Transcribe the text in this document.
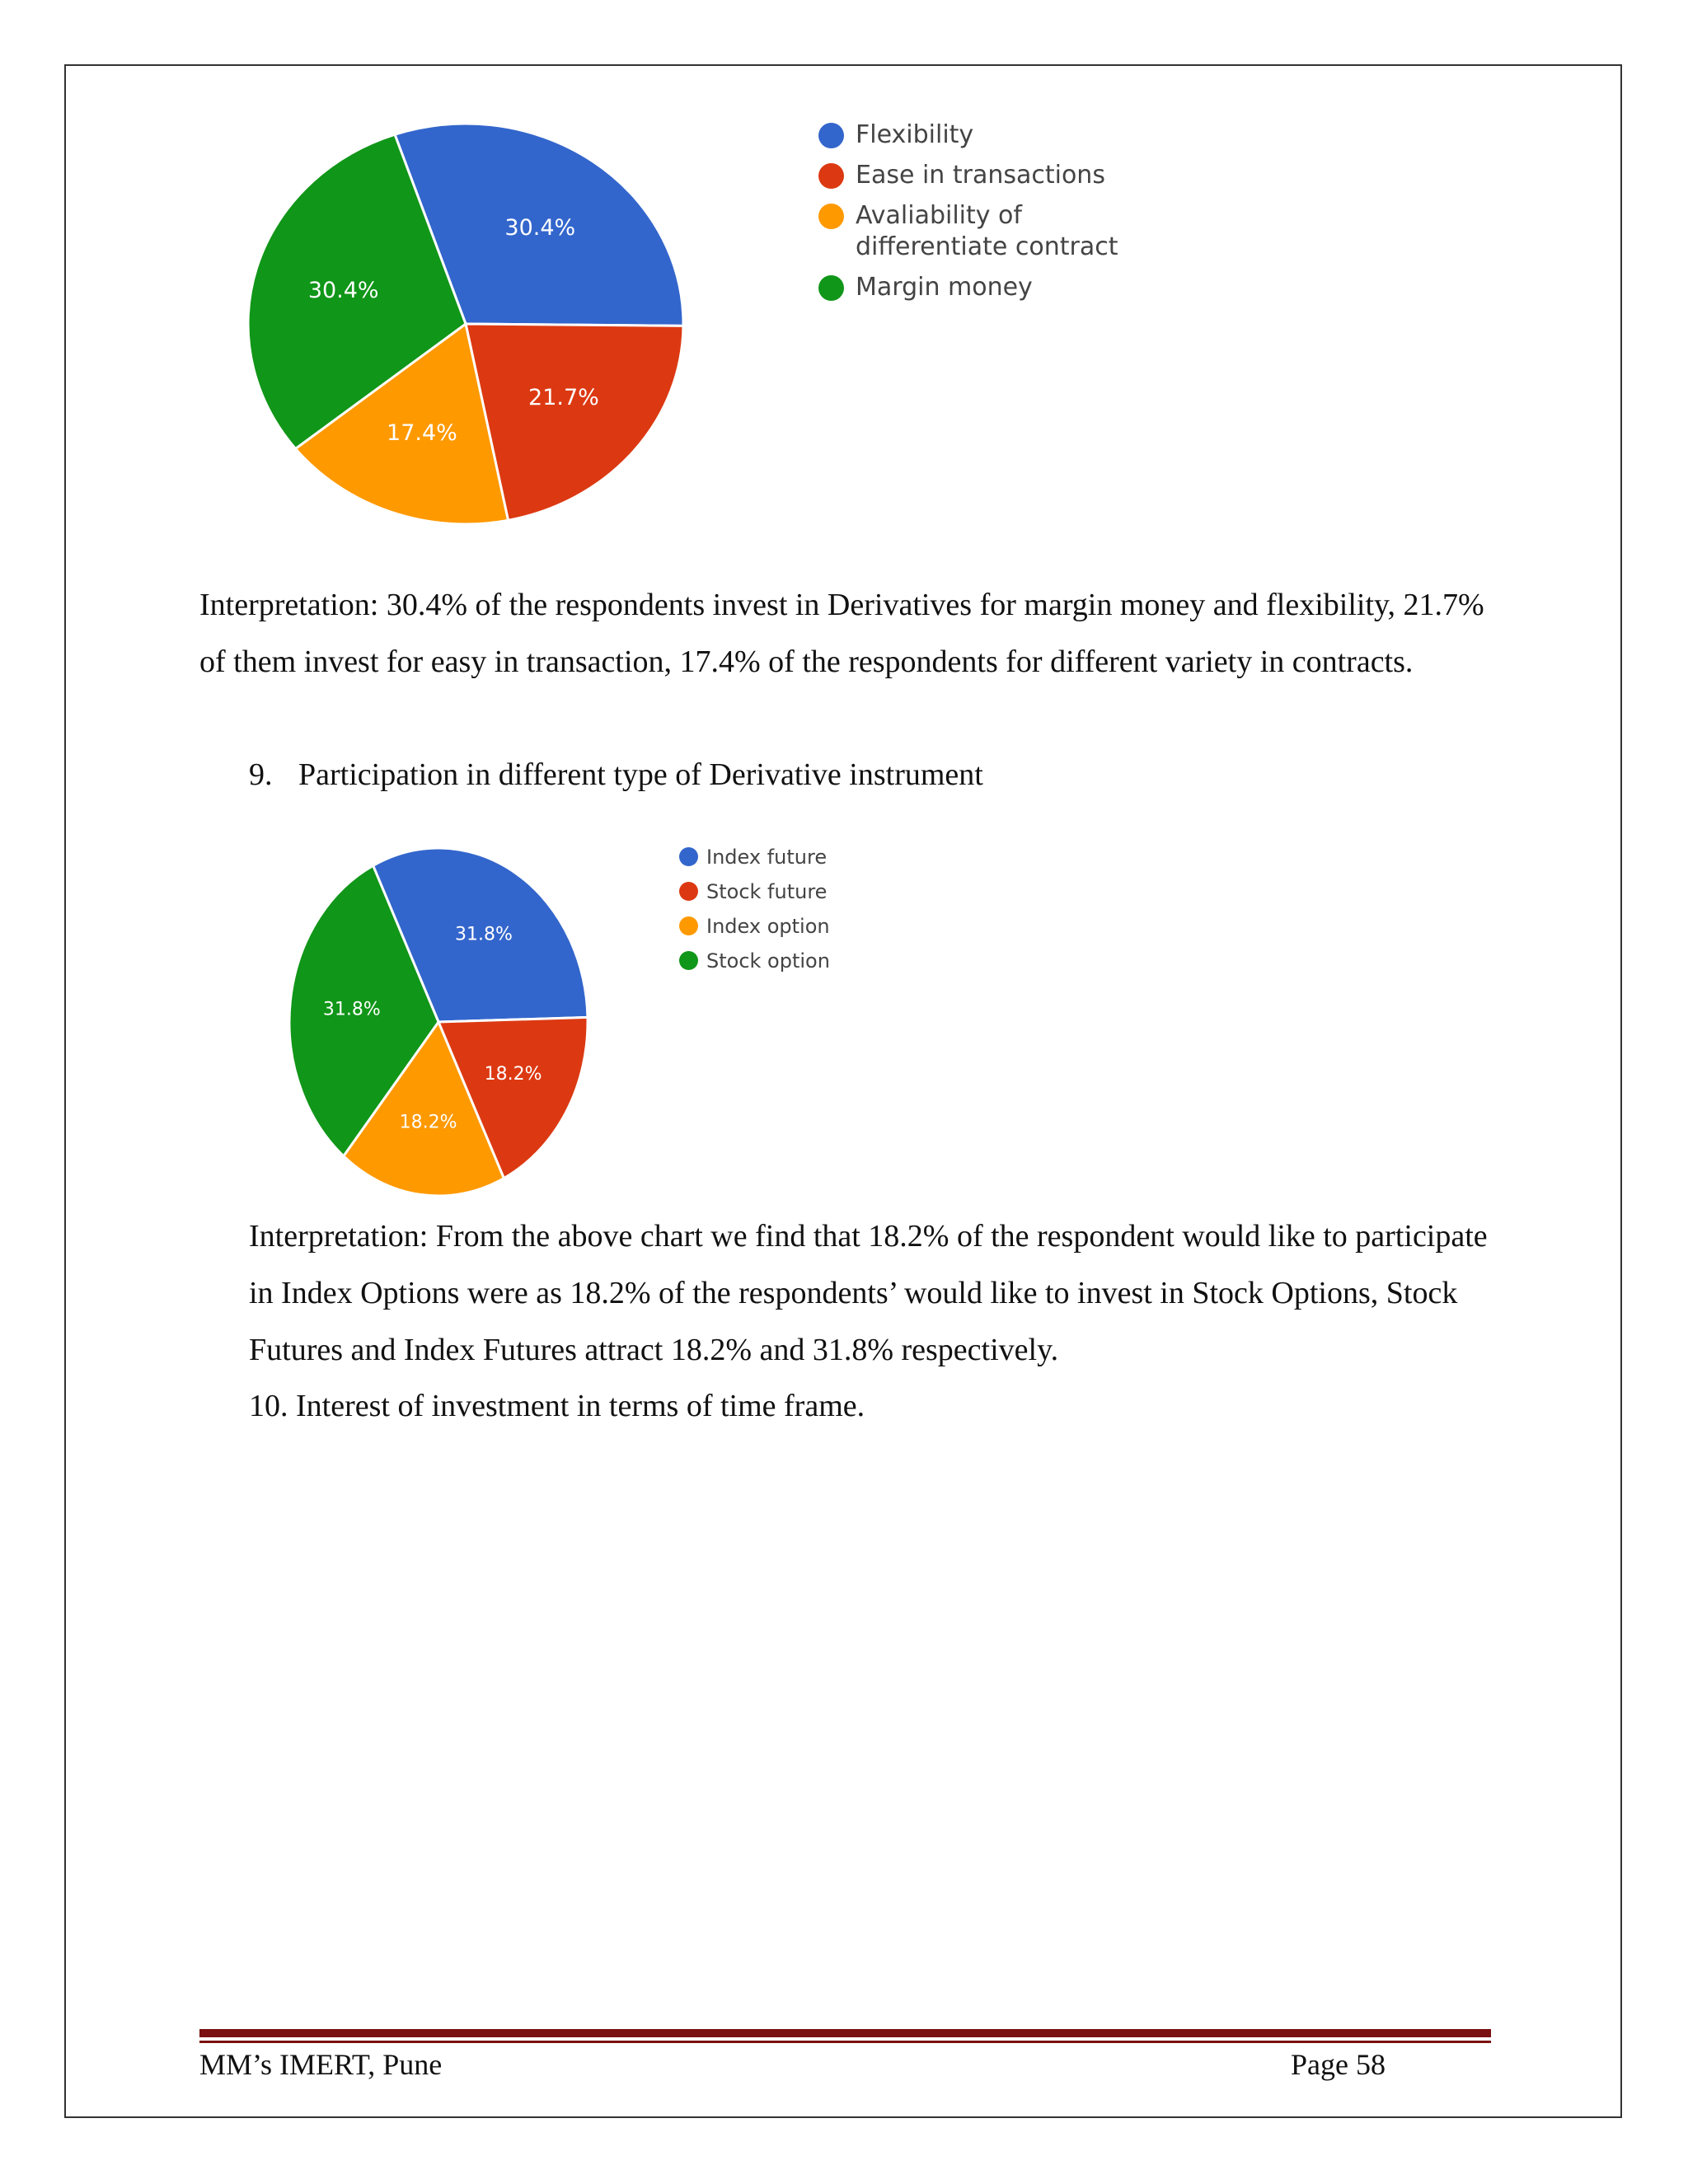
30.4%
21.7%
17.4%
30.4%
Flexibility
Ease in transactions
Avaliability of differentiate contract
Margin money
Interpretation: 30.4% of the respondents invest in Derivatives for margin money and flexibility, 21.7% of them invest for easy in transaction, 17.4% of the respondents for different variety in contracts.
9. Participation in different type of Derivative instrument
31.8%
18.2%
18.2%
31.8%
Index future
Stock future
Index option
Stock option
Interpretation: From the above chart we find that 18.2% of the respondent would like to participate in Index Options were as 18.2% of the respondents’ would like to invest in Stock Options, Stock Futures and Index Futures attract 18.2% and 31.8% respectively.
10. Interest of investment in terms of time frame.
MM’s IMERT, Pune	Page 58
